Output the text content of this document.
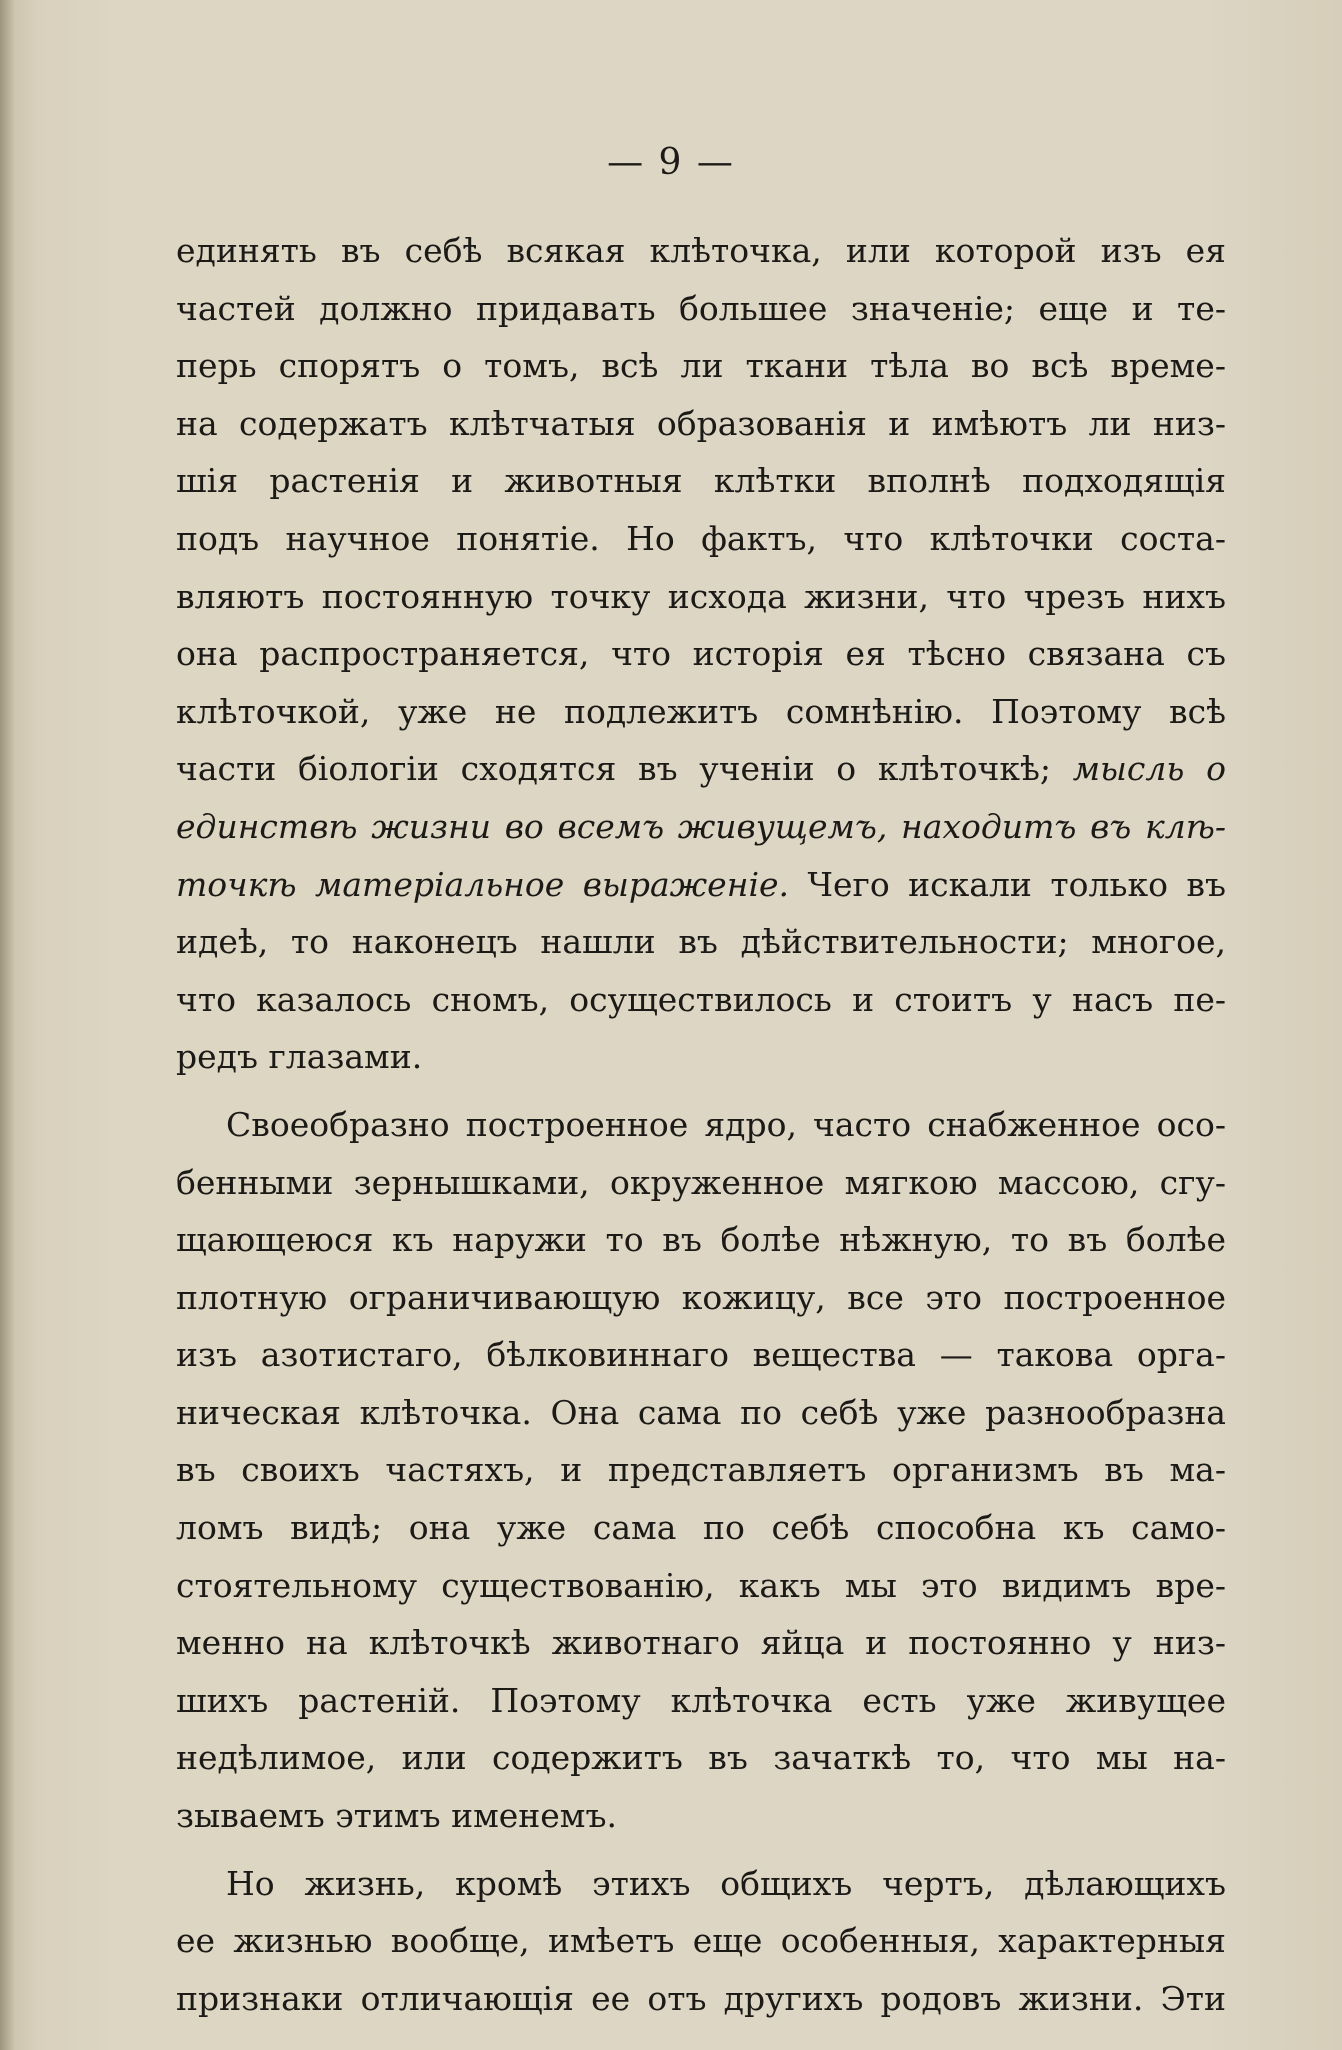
— 9 —
единять въ себѣ всякая клѣточка, или которой изъ ея
частей должно придавать большее значеніе; еще и те-
перь спорятъ о томъ, всѣ ли ткани тѣла во всѣ време-
на содержатъ клѣтчатыя образованія и имѣютъ ли низ-
шія растенія и животныя клѣтки вполнѣ подходящія
подъ научное понятіе. Но фактъ, что клѣточки соста-
вляютъ постоянную точку исхода жизни, что чрезъ нихъ
она распространяется, что исторія ея тѣсно связана съ
клѣточкой, уже не подлежитъ сомнѣнію. Поэтому всѣ
части біологіи сходятся въ ученіи о клѣточкѣ; мысль о
единствѣ жизни во всемъ живущемъ, находитъ въ клѣ-
точкѣ матеріальное выраженіе. Чего искали только въ
идеѣ, то наконецъ нашли въ дѣйствительности; многое,
что казалось сномъ, осуществилось и стоитъ у насъ пе-
редъ глазами.
Своеобразно построенное ядро, часто снабженное осо-
бенными зернышками, окруженное мягкою массою, сгу-
щающеюся къ наружи то въ болѣе нѣжную, то въ болѣе
плотную ограничивающую кожицу, все это построенное
изъ азотистаго, бѣлковиннаго вещества — такова орга-
ническая клѣточка. Она сама по себѣ уже разнообразна
въ своихъ частяхъ, и представляетъ организмъ въ ма-
ломъ видѣ; она уже сама по себѣ способна къ само-
стоятельному существованію, какъ мы это видимъ вре-
менно на клѣточкѣ животнаго яйца и постоянно у низ-
шихъ растеній. Поэтому клѣточка есть уже живущее
недѣлимое, или содержитъ въ зачаткѣ то, что мы на-
зываемъ этимъ именемъ.
Но жизнь, кромѣ этихъ общихъ чертъ, дѣлающихъ
ее жизнью вообще, имѣетъ еще особенныя, характерныя
признаки отличающія ее отъ другихъ родовъ жизни. Эти
